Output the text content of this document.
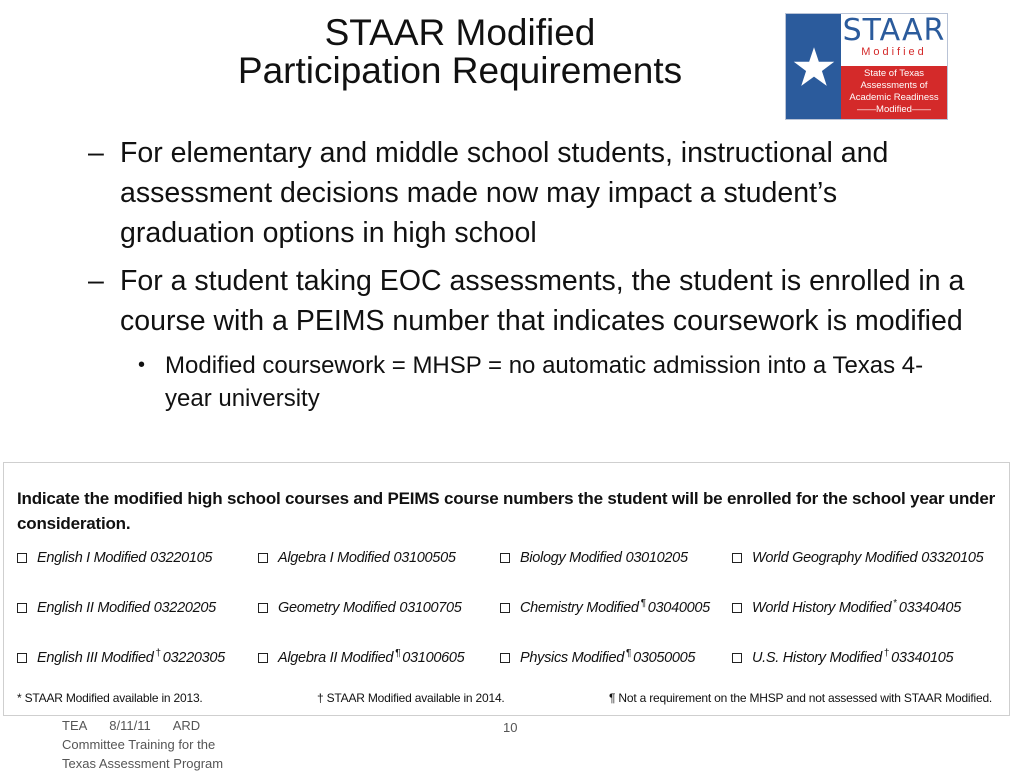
STAAR Modified
Participation Requirements
STAAR
Modified
State of Texas
Assessments of
Academic Readiness
——Modified——
– For elementary and middle school students, instructional and assessment decisions made now may impact a student’s graduation options in high school
– For a student taking EOC assessments, the student is enrolled in a course with a PEIMS number that indicates coursework is modified
• Modified coursework = MHSP = no automatic admission into a Texas 4-year university
Indicate the modified high school courses and PEIMS course numbers the student will be enrolled for the school year under consideration.
English I Modified 03220105	Algebra I Modified 03100505	Biology Modified 03010205	World Geography Modified 03320105
English II Modified 03220205	Geometry Modified 03100705	Chemistry Modified ¶ 03040005	World History Modified * 03340405
English III Modified † 03220305	Algebra II Modified ¶ 03100605	Physics Modified ¶ 03050005	U.S. History Modified † 03340105
* STAAR Modified available in 2013.	† STAAR Modified available in 2014.	¶ Not a requirement on the MHSP and not assessed with STAAR Modified.
TEA 8/11/11 ARD
Committee Training for the
Texas Assessment Program
10
